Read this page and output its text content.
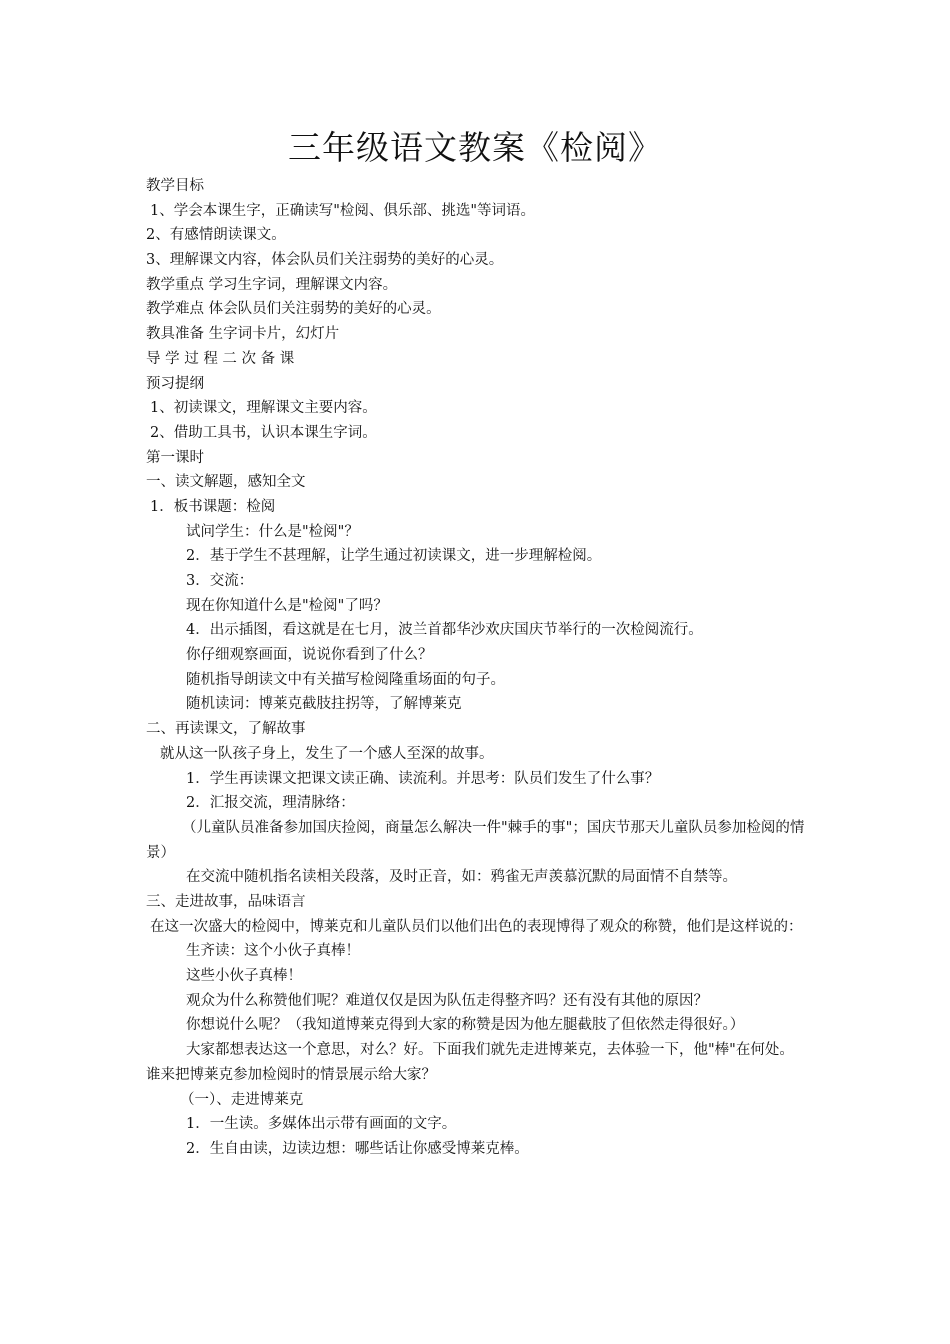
三年级语文教案《检阅》

教学目标

1、学会本课生字，正确读写"检阅、俱乐部、挑选"等词语。

2、有感情朗读课文。

3、理解课文内容，体会队员们关注弱势的美好的心灵。

教学重点 学习生字词，理解课文内容。

教学难点 体会队员们关注弱势的美好的心灵。

教具准备 生字词卡片，幻灯片

导 学 过 程 二 次 备 课

预习提纲

1、初读课文，理解课文主要内容。

2、借助工具书，认识本课生字词。

第一课时

一、读文解题，感知全文

1．板书课题：检阅

试问学生：什么是"检阅"？

2．基于学生不甚理解，让学生通过初读课文，进一步理解检阅。

3．交流：

现在你知道什么是"检阅"了吗？

4．出示插图，看这就是在七月，波兰首都华沙欢庆国庆节举行的一次检阅流行。

你仔细观察画面，说说你看到了什么？

随机指导朗读文中有关描写检阅隆重场面的句子。

随机读词：博莱克截肢拄拐等，了解博莱克

二、再读课文，了解故事

就从这一队孩子身上，发生了一个感人至深的故事。

1．学生再读课文把课文读正确、读流利。并思考：队员们发生了什么事？

2．汇报交流，理清脉络：

（儿童队员准备参加国庆捡阅，商量怎么解决一件"棘手的事"；国庆节那天儿童队员参加检阅的情景）

在交流中随机指名读相关段落，及时正音，如：鸦雀无声羡慕沉默的局面情不自禁等。

三、走进故事，品味语言

在这一次盛大的检阅中，博莱克和儿童队员们以他们出色的表现博得了观众的称赞，他们是这样说的：

生齐读：这个小伙子真棒！

这些小伙子真棒！

观众为什么称赞他们呢？难道仅仅是因为队伍走得整齐吗？还有没有其他的原因？

你想说什么呢？（我知道博莱克得到大家的称赞是因为他左腿截肢了但依然走得很好。）

大家都想表达这一个意思，对么？好。下面我们就先走进博莱克，去体验一下，他"棒"在何处。谁来把博莱克参加检阅时的情景展示给大家？

（一）、走进博莱克

1．一生读。多媒体出示带有画面的文字。

2．生自由读，边读边想：哪些话让你感受博莱克棒。
